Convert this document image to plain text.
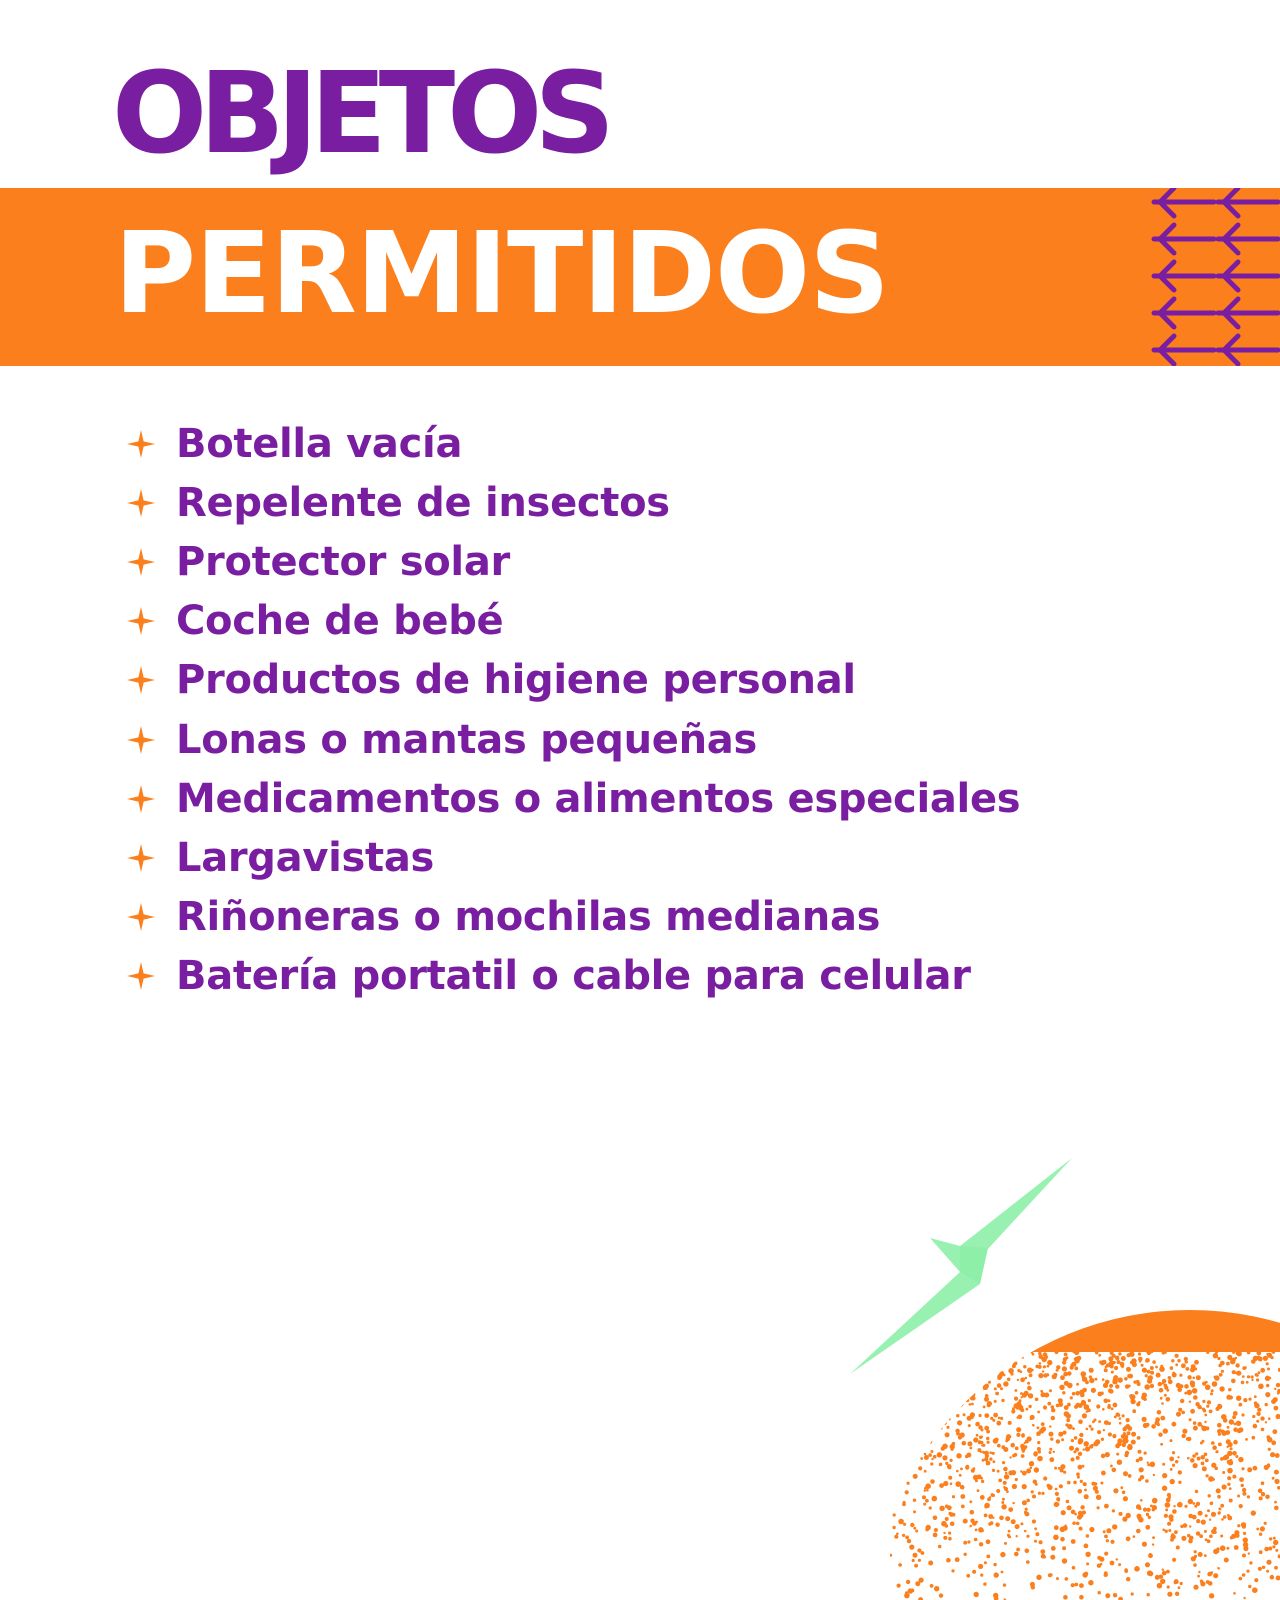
OBJETOS
PERMITIDOS
Botella vacía
Repelente de insectos
Protector solar
Coche de bebé
Productos de higiene personal
Lonas o mantas pequeñas
Medicamentos o alimentos especiales
Largavistas
Riñoneras o mochilas medianas
Batería portatil o cable para celular
